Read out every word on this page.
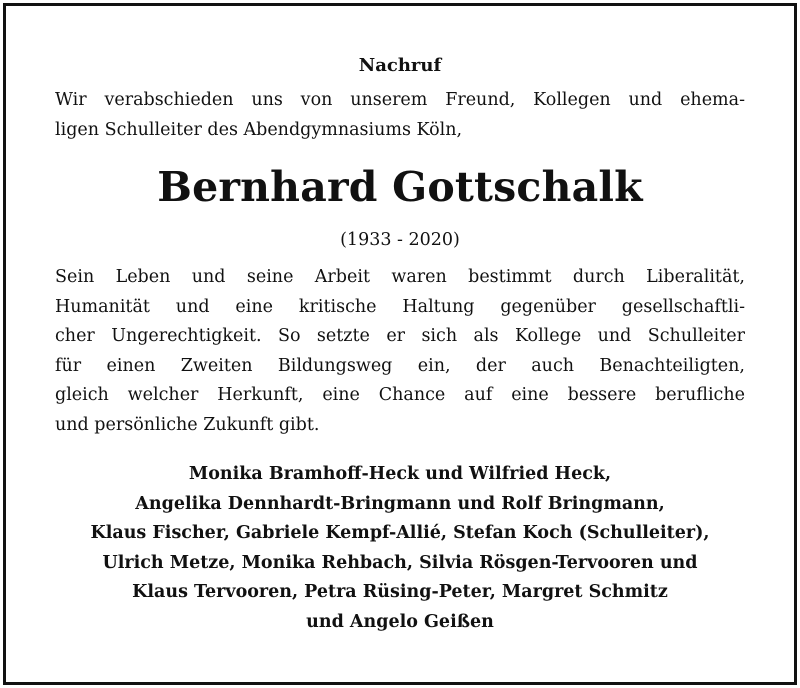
Nachruf

Wir verabschieden uns von unserem Freund, Kollegen und ehema-
ligen Schulleiter des Abendgymnasiums Köln,

Bernhard Gottschalk

(1933 - 2020)

Sein Leben und seine Arbeit waren bestimmt durch Liberalität,
Humanität und eine kritische Haltung gegenüber gesellschaftli-
cher Ungerechtigkeit. So setzte er sich als Kollege und Schulleiter
für einen Zweiten Bildungsweg ein, der auch Benachteiligten,
gleich welcher Herkunft, eine Chance auf eine bessere berufliche
und persönliche Zukunft gibt.

Monika Bramhoff-Heck und Wilfried Heck,
Angelika Dennhardt-Bringmann und Rolf Bringmann,
Klaus Fischer, Gabriele Kempf-Allié, Stefan Koch (Schulleiter),
Ulrich Metze, Monika Rehbach, Silvia Rösgen-Tervooren und
Klaus Tervooren, Petra Rüsing-Peter, Margret Schmitz
und Angelo Geißen
